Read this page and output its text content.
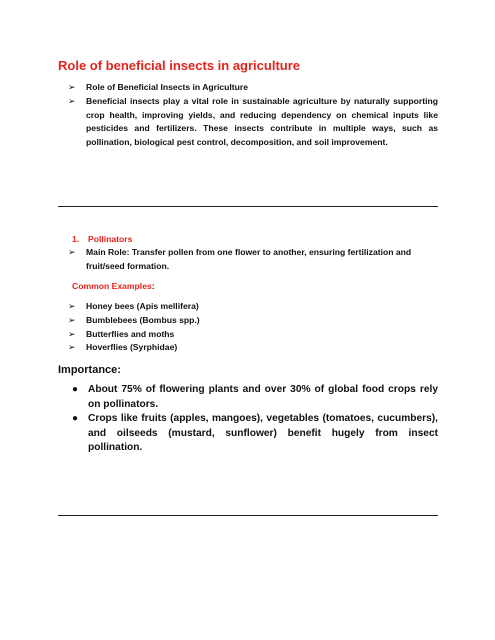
Role of beneficial insects in agriculture
➢ Role of Beneficial Insects in Agriculture
➢ Beneficial insects play a vital role in sustainable agriculture by naturally supporting crop health, improving yields, and reducing dependency on chemical inputs like pesticides and fertilizers. These insects contribute in multiple ways, such as pollination, biological pest control, decomposition, and soil improvement.
1. Pollinators
➢ Main Role: Transfer pollen from one flower to another, ensuring fertilization and fruit/seed formation.
Common Examples:
➢ Honey bees (Apis mellifera)
➢ Bumblebees (Bombus spp.)
➢ Butterflies and moths
➢ Hoverflies (Syrphidae)
Importance:
● About 75% of flowering plants and over 30% of global food crops rely on pollinators.
● Crops like fruits (apples, mangoes), vegetables (tomatoes, cucumbers), and oilseeds (mustard, sunflower) benefit hugely from insect pollination.
